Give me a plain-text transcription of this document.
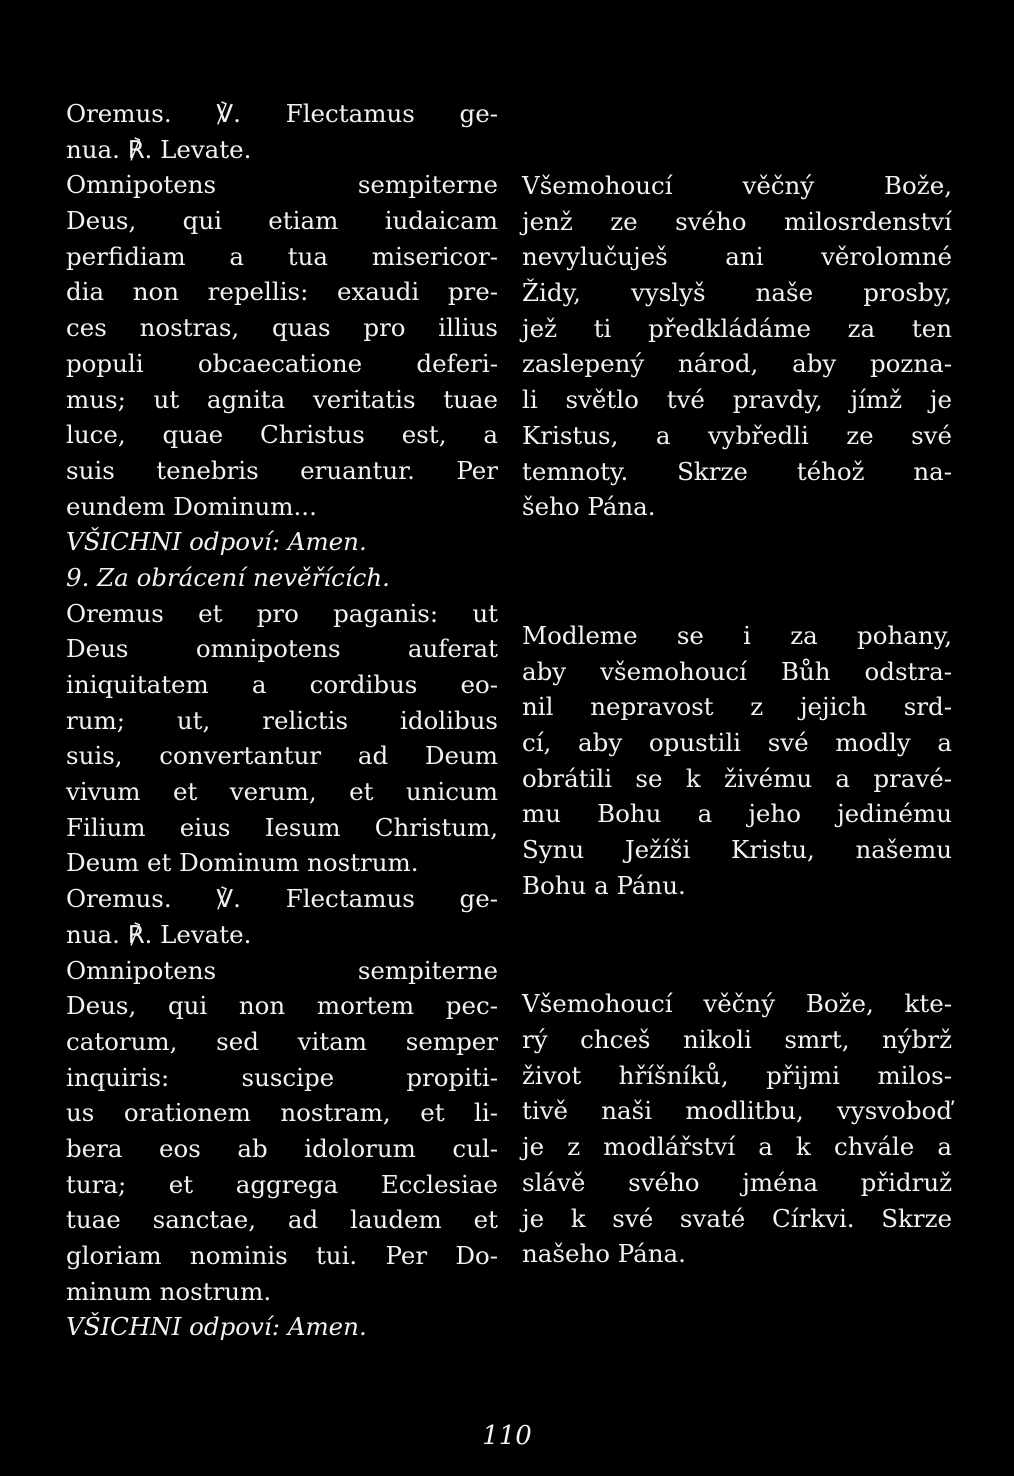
Oremus. ℣. Flectamus ge-
nua. ℟. Levate.
Omnipotens sempiterne
Deus, qui etiam iudaicam
perfidiam a tua misericor-
dia non repellis: exaudi pre-
ces nostras, quas pro illius
populi obcaecatione deferi-
mus; ut agnita veritatis tuae
luce, quae Christus est, a
suis tenebris eruantur. Per
eundem Dominum...
VŠICHNI odpoví: Amen.
9. Za obrácení nevěřících.
Oremus et pro paganis: ut
Deus omnipotens auferat
iniquitatem a cordibus eo-
rum; ut, relictis idolibus
suis, convertantur ad Deum
vivum et verum, et unicum
Filium eius Iesum Christum,
Deum et Dominum nostrum.
Oremus. ℣. Flectamus ge-
nua. ℟. Levate.
Omnipotens sempiterne
Deus, qui non mortem pec-
catorum, sed vitam semper
inquiris: suscipe propiti-
us orationem nostram, et li-
bera eos ab idolorum cul-
tura; et aggrega Ecclesiae
tuae sanctae, ad laudem et
gloriam nominis tui. Per Do-
minum nostrum.
VŠICHNI odpoví: Amen.
Všemohoucí věčný Bože,
jenž ze svého milosrdenství
nevylučuješ ani věrolomné
Židy, vyslyš naše prosby,
jež ti předkládáme za ten
zaslepený národ, aby pozna-
li světlo tvé pravdy, jímž je
Kristus, a vybředli ze své
temnoty. Skrze téhož na-
šeho Pána.
Modleme se i za pohany,
aby všemohoucí Bůh odstra-
nil nepravost z jejich srd-
cí, aby opustili své modly a
obrátili se k živému a pravé-
mu Bohu a jeho jedinému
Synu Ježíši Kristu, našemu
Bohu a Pánu.
Všemohoucí věčný Bože, kte-
rý chceš nikoli smrt, nýbrž
život hříšníků, přijmi milos-
tivě naši modlitbu, vysvoboď
je z modlářství a k chvále a
slávě svého jména přidruž
je k své svaté Církvi. Skrze
našeho Pána.
110
